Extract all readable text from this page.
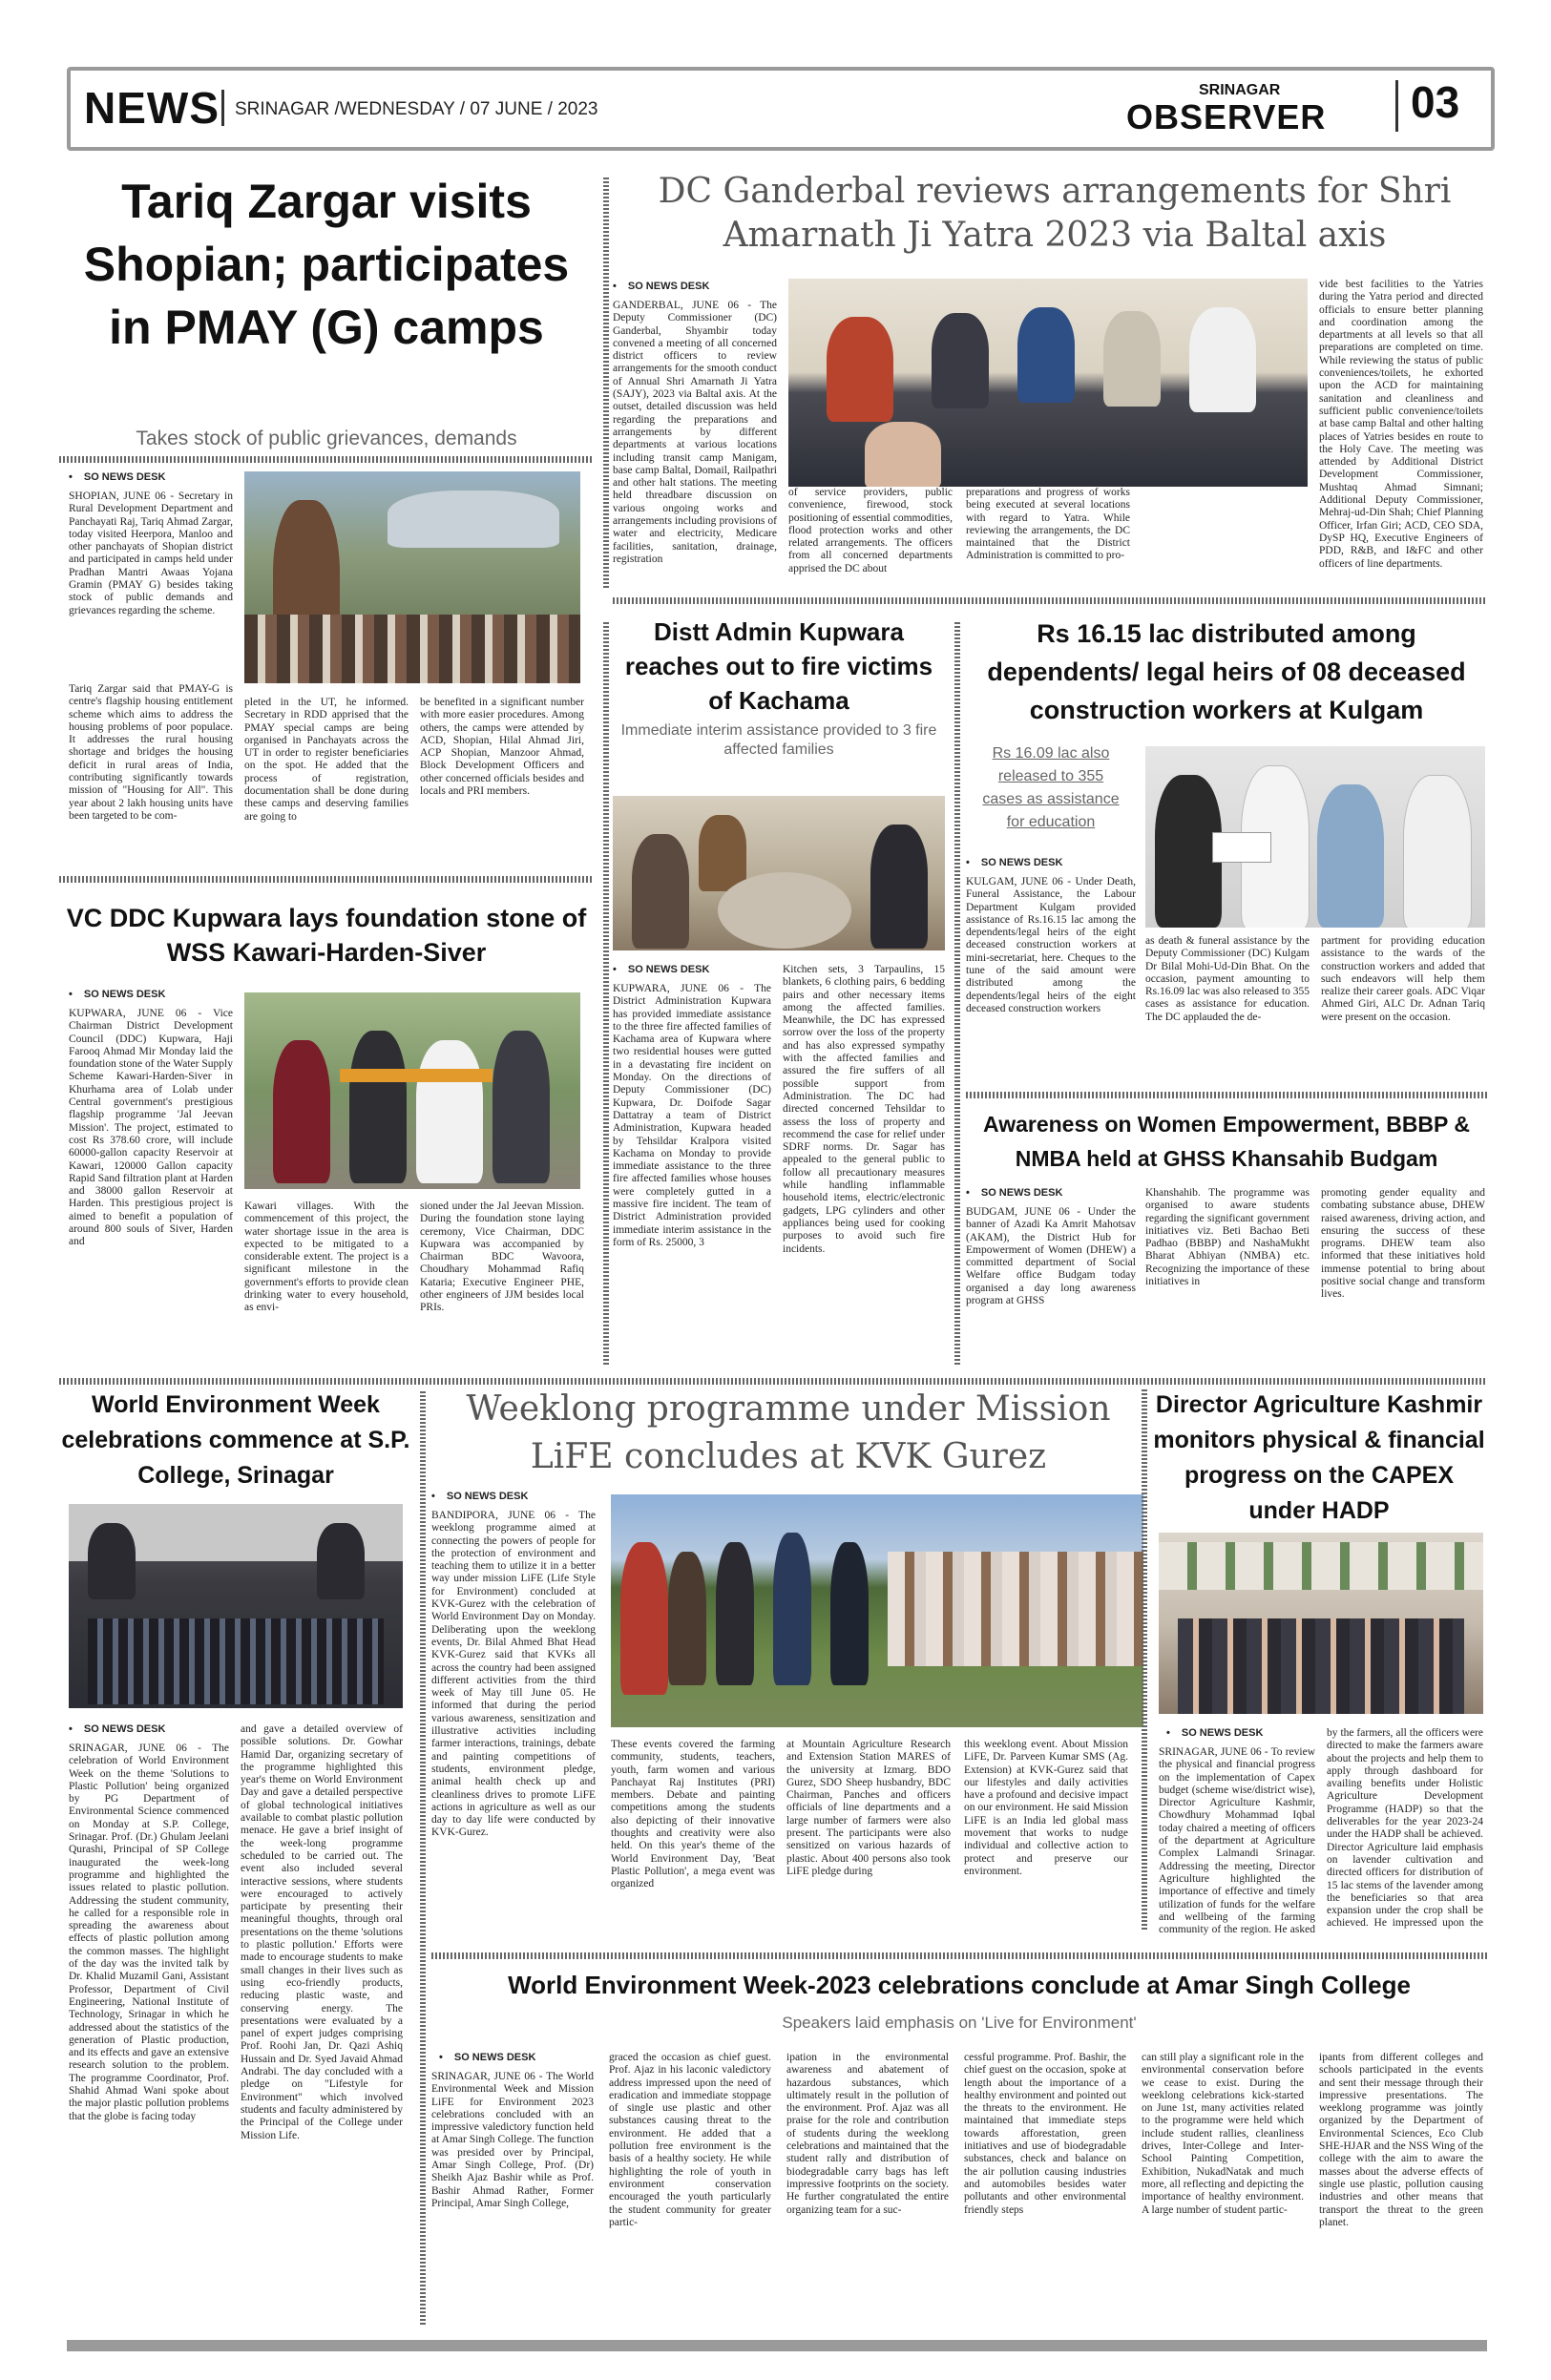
NEWS SRINAGAR /WEDNESDAY / 07 JUNE / 2023
SRINAGAR
OBSERVER 03
Tariq Zargar visits Shopian; participates in PMAY (G) camps
Takes stock of public grievances, demands
• SO NEWS DESK
SHOPIAN, JUNE 06 - Secretary in Rural Development Department and Panchayati Raj, Tariq Ahmad Zargar, today visited Heerpora, Manloo and other panchayats of Shopian district and participated in camps held under Pradhan Mantri Awaas Yojana Gramin (PMAY G) besides taking stock of public demands and grievances regarding the scheme.
Tariq Zargar said that PMAY-G is centre's flagship housing entitlement scheme which aims to address the housing problems of poor populace. It addresses the rural housing shortage and bridges the housing deficit in rural areas of India, contributing significantly towards mission of "Housing for All". This year about 2 lakh housing units have been targeted to be com-
pleted in the UT, he informed. Secretary in RDD apprised that the PMAY special camps are being organised in Panchayats across the UT in order to register beneficiaries on the spot. He added that the process of registration, documentation shall be done during these camps and deserving families are going to
be benefited in a significant number with more easier procedures. Among others, the camps were attended by ACD, Shopian, Hilal Ahmad Jiri, ACP Shopian, Manzoor Ahmad, Block Development Officers and other concerned officials besides and locals and PRI members.
DC Ganderbal reviews arrangements for Shri Amarnath Ji Yatra 2023 via Baltal axis
• SO NEWS DESK
GANDERBAL, JUNE 06 - The Deputy Commissioner (DC) Ganderbal, Shyambir today convened a meeting of all concerned district officers to review arrangements for the smooth conduct of Annual Shri Amarnath Ji Yatra (SAJY), 2023 via Baltal axis. At the outset, detailed discussion was held regarding the preparations and arrangements by different departments at various locations including transit camp Manigam, base camp Baltal, Domail, Railpathri and other halt stations. The meeting held threadbare discussion on various ongoing works and arrangements including provisions of water and electricity, Medicare facilities, sanitation, drainage, registration
of service providers, public convenience, firewood, stock positioning of essential commodities, flood protection works and other related arrangements. The officers from all concerned departments apprised the DC about
preparations and progress of works being executed at several locations with regard to Yatra. While reviewing the arrangements, the DC maintained that the District Administration is committed to pro-
vide best facilities to the Yatries during the Yatra period and directed officials to ensure better planning and coordination among the departments at all levels so that all preparations are completed on time. While reviewing the status of public conveniences/toilets, he exhorted upon the ACD for maintaining sanitation and cleanliness and sufficient public convenience/toilets at base camp Baltal and other halting places of Yatries besides en route to the Holy Cave. The meeting was attended by Additional District Development Commissioner, Mushtaq Ahmad Simnani; Additional Deputy Commissioner, Mehraj-ud-Din Shah; Chief Planning Officer, Irfan Giri; ACD, CEO SDA, DySP HQ, Executive Engineers of PDD, R&B, and I&FC and other officers of line departments.
VC DDC Kupwara lays foundation stone of WSS Kawari-Harden-Siver
• SO NEWS DESK
KUPWARA, JUNE 06 - Vice Chairman District Development Council (DDC) Kupwara, Haji Farooq Ahmad Mir Monday laid the foundation stone of the Water Supply Scheme Kawari-Harden-Siver in Khurhama area of Lolab under Central government's prestigious flagship programme 'Jal Jeevan Mission'. The project, estimated to cost Rs 378.60 crore, will include 60000-gallon capacity Reservoir at Kawari, 120000 Gallon capacity Rapid Sand filtration plant at Harden and 38000 gallon Reservoir at Harden. This prestigious project is aimed to benefit a population of around 800 souls of Siver, Harden and
Kawari villages. With the commencement of this project, the water shortage issue in the area is expected to be mitigated to a considerable extent. The project is a significant milestone in the government's efforts to provide clean drinking water to every household, as envi-
sioned under the Jal Jeevan Mission. During the foundation stone laying ceremony, Vice Chairman, DDC Kupwara was accompanied by Chairman BDC Wavoora, Choudhary Mohammad Rafiq Kataria; Executive Engineer PHE, other engineers of JJM besides local PRIs.
Distt Admin Kupwara reaches out to fire victims of Kachama
Immediate interim assistance provided to 3 fire affected families
• SO NEWS DESK
KUPWARA, JUNE 06 - The District Administration Kupwara has provided immediate assistance to the three fire affected families of Kachama area of Kupwara where two residential houses were gutted in a devastating fire incident on Monday. On the directions of Deputy Commissioner (DC) Kupwara, Dr. Doifode Sagar Dattatray a team of District Administration, Kupwara headed by Tehsildar Kralpora visited Kachama on Monday to provide immediate assistance to the three fire affected families whose houses were completely gutted in a massive fire incident. The team of District Administration provided immediate interim assistance in the form of Rs. 25000, 3
Kitchen sets, 3 Tarpaulins, 15 blankets, 6 clothing pairs, 6 bedding pairs and other necessary items among the affected families. Meanwhile, the DC has expressed sorrow over the loss of the property and has also expressed sympathy with the affected families and assured the fire suffers of all possible support from Administration. The DC had directed concerned Tehsildar to assess the loss of property and recommend the case for relief under SDRF norms. Dr. Sagar has appealed to the general public to follow all precautionary measures while handling inflammable household items, electric/electronic gadgets, LPG cylinders and other appliances being used for cooking purposes to avoid such fire incidents.
Rs 16.15 lac distributed among dependents/ legal heirs of 08 deceased construction workers at Kulgam
Rs 16.09 lac also released to 355 cases as assistance for education
• SO NEWS DESK
KULGAM, JUNE 06 - Under Death, Funeral Assistance, the Labour Department Kulgam provided assistance of Rs.16.15 lac among the dependents/legal heirs of the eight deceased construction workers at mini-secretariat, here. Cheques to the tune of the said amount were distributed among the dependents/legal heirs of the eight deceased construction workers
as death & funeral assistance by the Deputy Commissioner (DC) Kulgam Dr Bilal Mohi-Ud-Din Bhat. On the occasion, payment amounting to Rs.16.09 lac was also released to 355 cases as assistance for education. The DC applauded the de-
partment for providing education assistance to the wards of the construction workers and added that such endeavors will help them realize their career goals. ADC Viqar Ahmed Giri, ALC Dr. Adnan Tariq were present on the occasion.
Awareness on Women Empowerment, BBBP & NMBA held at GHSS Khansahib Budgam
• SO NEWS DESK
BUDGAM, JUNE 06 - Under the banner of Azadi Ka Amrit Mahotsav (AKAM), the District Hub for Empowerment of Women (DHEW) a committed department of Social Welfare office Budgam today organised a day long awareness program at GHSS
Khanshahib. The programme was organised to aware students regarding the significant government initiatives viz. Beti Bachao Beti Padhao (BBBP) and NashaMukht Bharat Abhiyan (NMBA) etc. Recognizing the importance of these initiatives in
promoting gender equality and combating substance abuse, DHEW raised awareness, driving action, and ensuring the success of these programs. DHEW team also informed that these initiatives hold immense potential to bring about positive social change and transform lives.
World Environment Week celebrations commence at S.P. College, Srinagar
• SO NEWS DESK
SRINAGAR, JUNE 06 - The celebration of World Environment Week on the theme 'Solutions to Plastic Pollution' being organized by PG Department of Environmental Science commenced on Monday at S.P. College, Srinagar. Prof. (Dr.) Ghulam Jeelani Qurashi, Principal of SP College inaugurated the week-long programme and highlighted the issues related to plastic pollution. Addressing the student community, he called for a responsible role in spreading the awareness about effects of plastic pollution among the common masses. The highlight of the day was the invited talk by Dr. Khalid Muzamil Gani, Assistant Professor, Department of Civil Engineering, National Institute of Technology, Srinagar in which he addressed about the statistics of the generation of Plastic production, and its effects and gave an extensive research solution to the problem. The programme Coordinator, Prof. Shahid Ahmad Wani spoke about the major plastic pollution problems that the globe is facing today
and gave a detailed overview of possible solutions. Dr. Gowhar Hamid Dar, organizing secretary of the programme highlighted this year's theme on World Environment Day and gave a detailed perspective of global technological initiatives available to combat plastic pollution menace. He gave a brief insight of the week-long programme scheduled to be carried out. The event also included several interactive sessions, where students were encouraged to actively participate by presenting their meaningful thoughts, through oral presentations on the theme 'solutions to plastic pollution.' Efforts were made to encourage students to make small changes in their lives such as using eco-friendly products, reducing plastic waste, and conserving energy. The presentations were evaluated by a panel of expert judges comprising Prof. Roohi Jan, Dr. Qazi Ashiq Hussain and Dr. Syed Javaid Ahmad Andrabi. The day concluded with a pledge on "Lifestyle for Environment" which involved students and faculty administered by the Principal of the College under Mission Life.
Weeklong programme under Mission LiFE concludes at KVK Gurez
• SO NEWS DESK
BANDIPORA, JUNE 06 - The weeklong programme aimed at connecting the powers of people for the protection of environment and teaching them to utilize it in a better way under mission LiFE (Life Style for Environment) concluded at KVK-Gurez with the celebration of World Environment Day on Monday. Deliberating upon the weeklong events, Dr. Bilal Ahmed Bhat Head KVK-Gurez said that KVKs all across the country had been assigned different activities from the third week of May till June 05. He informed that during the period various awareness, sensitization and illustrative activities including farmer interactions, trainings, debate and painting competitions of students, environment pledge, animal health check up and cleanliness drives to promote LiFE actions in agriculture as well as our day to day life were conducted by KVK-Gurez.
These events covered the farming community, students, teachers, youth, farm women and various Panchayat Raj Institutes (PRI) members. Debate and painting competitions among the students also depicting of their innovative thoughts and creativity were also held. On this year's theme of the World Environment Day, 'Beat Plastic Pollution', a mega event was organized
at Mountain Agriculture Research and Extension Station MARES of the university at Izmarg. BDO Gurez, SDO Sheep husbandry, BDC Chairman, Panches and officers officials of line departments and a large number of farmers were also present. The participants were also sensitized on various hazards of plastic. About 400 persons also took LiFE pledge during
this weeklong event. About Mission LiFE, Dr. Parveen Kumar SMS (Ag. Extension) at KVK-Gurez said that our lifestyles and daily activities have a profound and decisive impact on our environment. He said Mission LiFE is an India led global mass movement that works to nudge individual and collective action to protect and preserve our environment.
Director Agriculture Kashmir monitors physical & financial progress on the CAPEX under HADP
• SO NEWS DESK
SRINAGAR, JUNE 06 - To review the physical and financial progress on the implementation of Capex budget (scheme wise/district wise), Director Agriculture Kashmir, Chowdhury Mohammad Iqbal today chaired a meeting of officers of the department at Agriculture Complex Lalmandi Srinagar. Addressing the meeting, Director Agriculture highlighted the importance of effective and timely utilization of funds for the welfare and wellbeing of the farming community of the region. He asked
by the farmers, all the officers were directed to make the farmers aware about the projects and help them to apply through dashboard for availing benefits under Holistic Agriculture Development Programme (HADP) so that the deliverables for the year 2023-24 under the HADP shall be achieved. Director Agriculture laid emphasis on lavender cultivation and directed officers for distribution of 15 lac stems of the lavender among the beneficiaries so that area expansion under the crop shall be achieved. He impressed upon the
World Environment Week-2023 celebrations conclude at Amar Singh College
Speakers laid emphasis on 'Live for Environment'
• SO NEWS DESK
SRINAGAR, JUNE 06 - The World Environmental Week and Mission LiFE for Environment 2023 celebrations concluded with an impressive valedictory function held at Amar Singh College. The function was presided over by Principal, Amar Singh College, Prof. (Dr) Sheikh Ajaz Bashir while as Prof. Bashir Ahmad Rather, Former Principal, Amar Singh College,
graced the occasion as chief guest. Prof. Ajaz in his laconic valedictory address impressed upon the need of eradication and immediate stoppage of single use plastic and other substances causing threat to the environment. He added that a pollution free environment is the basis of a healthy society. He while highlighting the role of youth in environment conservation encouraged the youth particularly the student community for greater partic-
ipation in the environmental awareness and abatement of hazardous substances, which ultimately result in the pollution of the environment. Prof. Ajaz was all praise for the role and contribution of students during the weeklong celebrations and maintained that the student rally and distribution of biodegradable carry bags has left impressive footprints on the society. He further congratulated the entire organizing team for a suc-
cessful programme. Prof. Bashir, the chief guest on the occasion, spoke at length about the importance of a healthy environment and pointed out the threats to the environment. He maintained that immediate steps towards afforestation, green initiatives and use of biodegradable substances, check and balance on the air pollution causing industries and automobiles besides water pollutants and other environmental friendly steps
can still play a significant role in the environmental conservation before we cease to exist. During the weeklong celebrations kick-started on June 1st, many activities related to the programme were held which include student rallies, cleanliness drives, Inter-College and Inter-School Painting Competition, Exhibition, NukadNatak and much more, all reflecting and depicting the importance of healthy environment. A large number of student partic-
ipants from different colleges and schools participated in the events and sent their message through their impressive presentations. The weeklong programme was jointly organized by the Department of Environmental Sciences, Eco Club SHE-HJAR and the NSS Wing of the college with the aim to aware the masses about the adverse effects of single use plastic, pollution causing industries and other means that transport the threat to the green planet.
